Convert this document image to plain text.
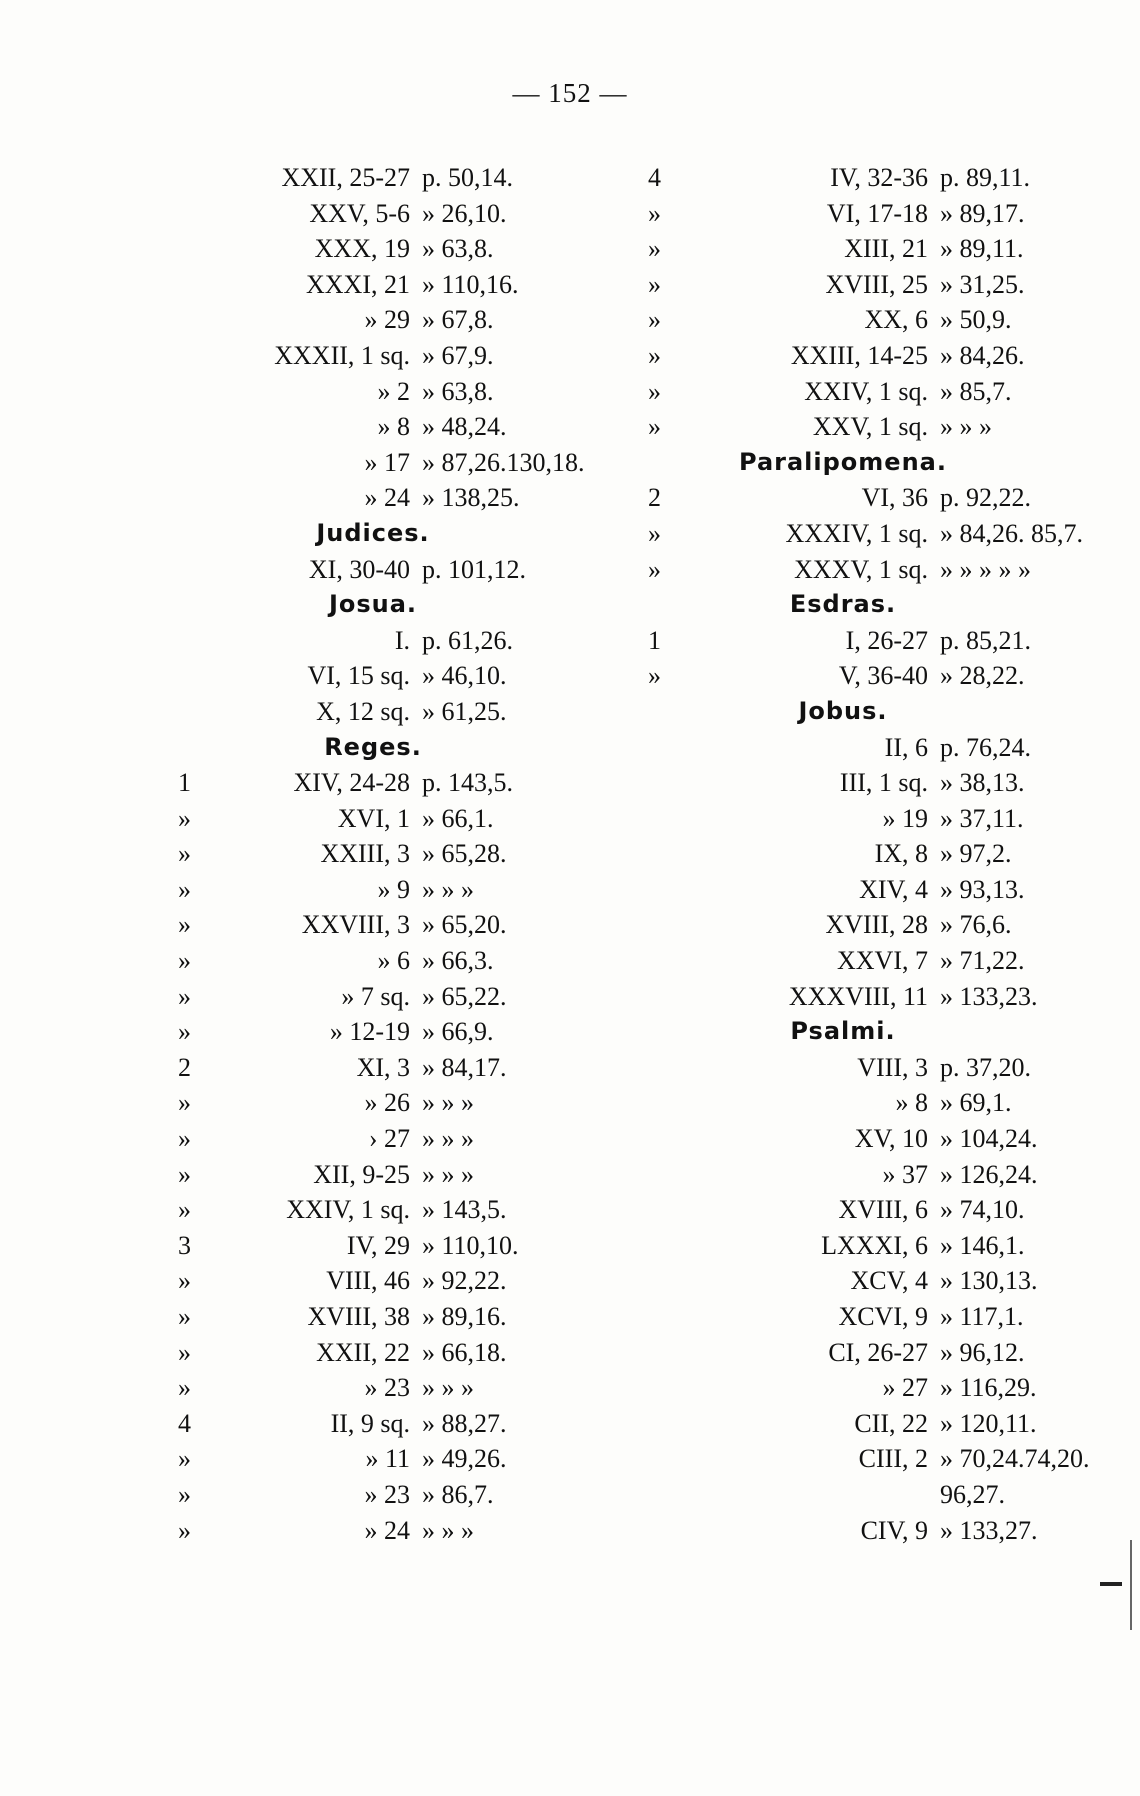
— 152 —
XXII, 25-27 p. 50,14.
XXV, 5-6 » 26,10.
XXX, 19 » 63,8.
XXXI, 21 » 110,16.
» 29 » 67,8.
XXXII, 1 sq. » 67,9.
» 2 » 63,8.
» 8 » 48,24.
» 17 » 87,26.130,18.
» 24 » 138,25.
Judices.
XI, 30-40 p. 101,12.
Josua.
I. p. 61,26.
VI, 15 sq. » 46,10.
X, 12 sq. » 61,25.
Reges.
1	XIV, 24-28 p. 143,5.
»	XVI, 1 » 66,1.
»	XXIII, 3 » 65,28.
»	» 9 » » »
»	XXVIII, 3 » 65,20.
»	» 6 » 66,3.
»	» 7 sq. » 65,22.
»	» 12-19 » 66,9.
2	XI, 3 » 84,17.
»	» 26 » » »
»	› 27 » » »
»	XII, 9-25 » » »
»	XXIV, 1 sq. » 143,5.
3	IV, 29 » 110,10.
»	VIII, 46 » 92,22.
»	XVIII, 38 » 89,16.
»	XXII, 22 » 66,18.
»	» 23 » » »
4	II, 9 sq. » 88,27.
»	» 11 » 49,26.
»	» 23 » 86,7.
»	» 24 » » »
4	IV, 32-36 p. 89,11.
»	VI, 17-18 » 89,17.
»	XIII, 21 » 89,11.
»	XVIII, 25 » 31,25.
»	XX, 6 » 50,9.
»	XXIII, 14-25 » 84,26.
»	XXIV, 1 sq. » 85,7.
»	XXV, 1 sq. » » »
Paralipomena.
2	VI, 36 p. 92,22.
»	XXXIV, 1 sq. » 84,26. 85,7.
»	XXXV, 1 sq. » » » » »
Esdras.
1	I, 26-27 p. 85,21.
»	V, 36-40 » 28,22.
Jobus.
II, 6 p. 76,24.
III, 1 sq. » 38,13.
» 19 » 37,11.
IX, 8 » 97,2.
XIV, 4 » 93,13.
XVIII, 28 » 76,6.
XXVI, 7 » 71,22.
XXXVIII, 11 » 133,23.
Psalmi.
VIII, 3 p. 37,20.
» 8 » 69,1.
XV, 10 » 104,24.
» 37 » 126,24.
XVIII, 6 » 74,10.
LXXXI, 6 » 146,1.
XCV, 4 » 130,13.
XCVI, 9 » 117,1.
CI, 26-27 » 96,12.
» 27 » 116,29.
CII, 22 » 120,11.
CIII, 2 » 70,24.74,20.
96,27.
CIV, 9 » 133,27.
